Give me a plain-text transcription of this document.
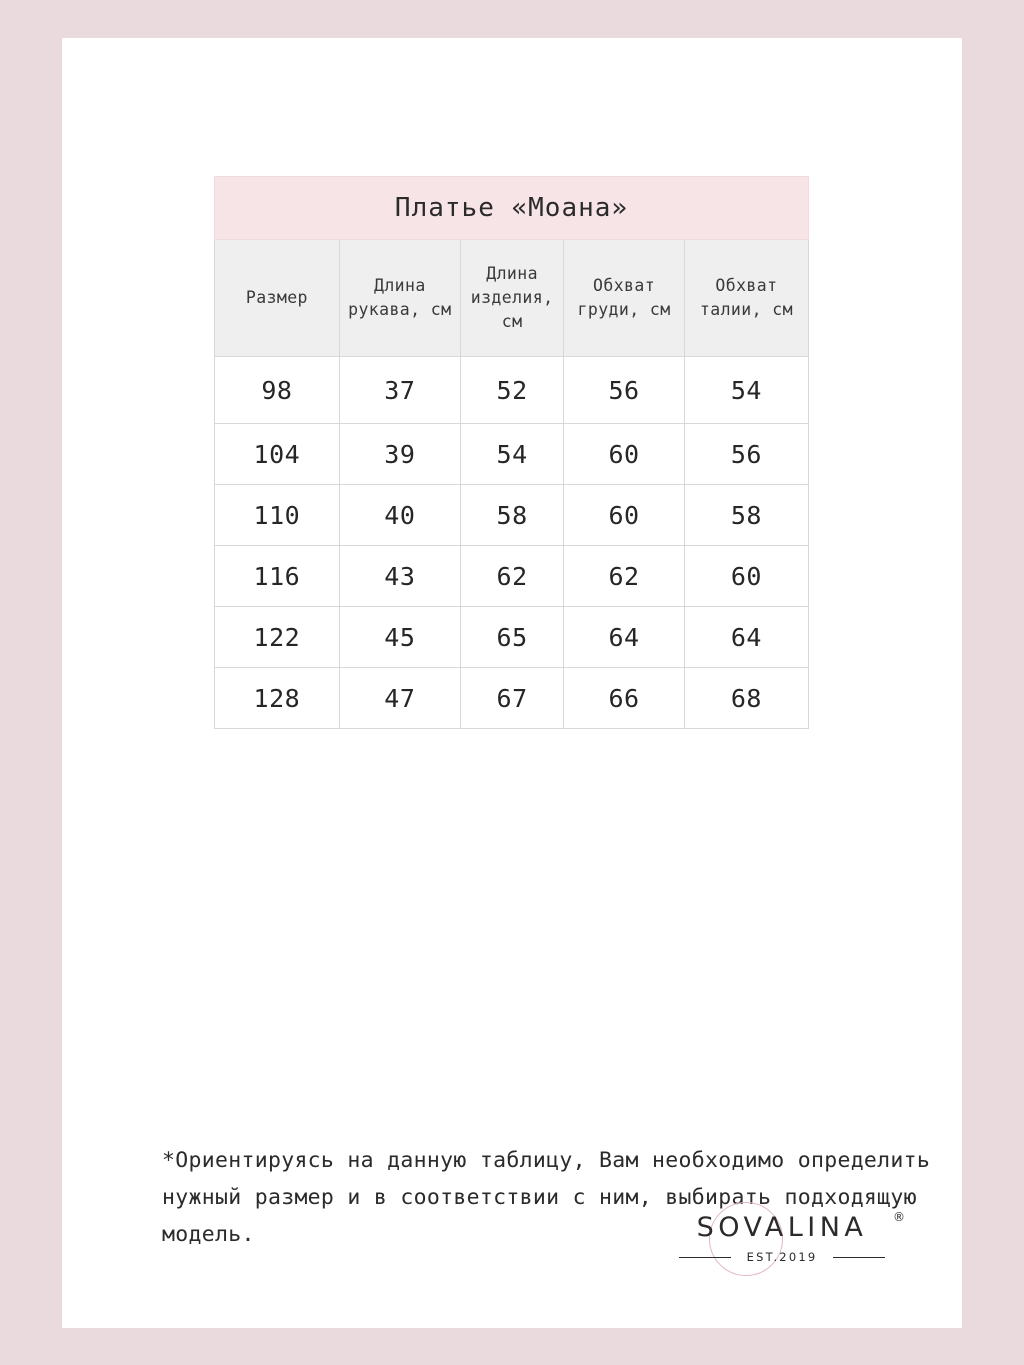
Платье «Моана»				
Размер	Длина рукава, см	Длина изделия, см	Обхват груди, см	Обхват талии, см
98	37	52	56	54
104	39	54	60	56
110	40	58	60	58
116	43	62	62	60
122	45	65	64	64
128	47	67	66	68
*Ориентируясь на данную таблицу, Вам необходимо определить нужный размер и в соответствии с ним, выбирать подходящую модель.	SOVALINA	®
EST.2019
